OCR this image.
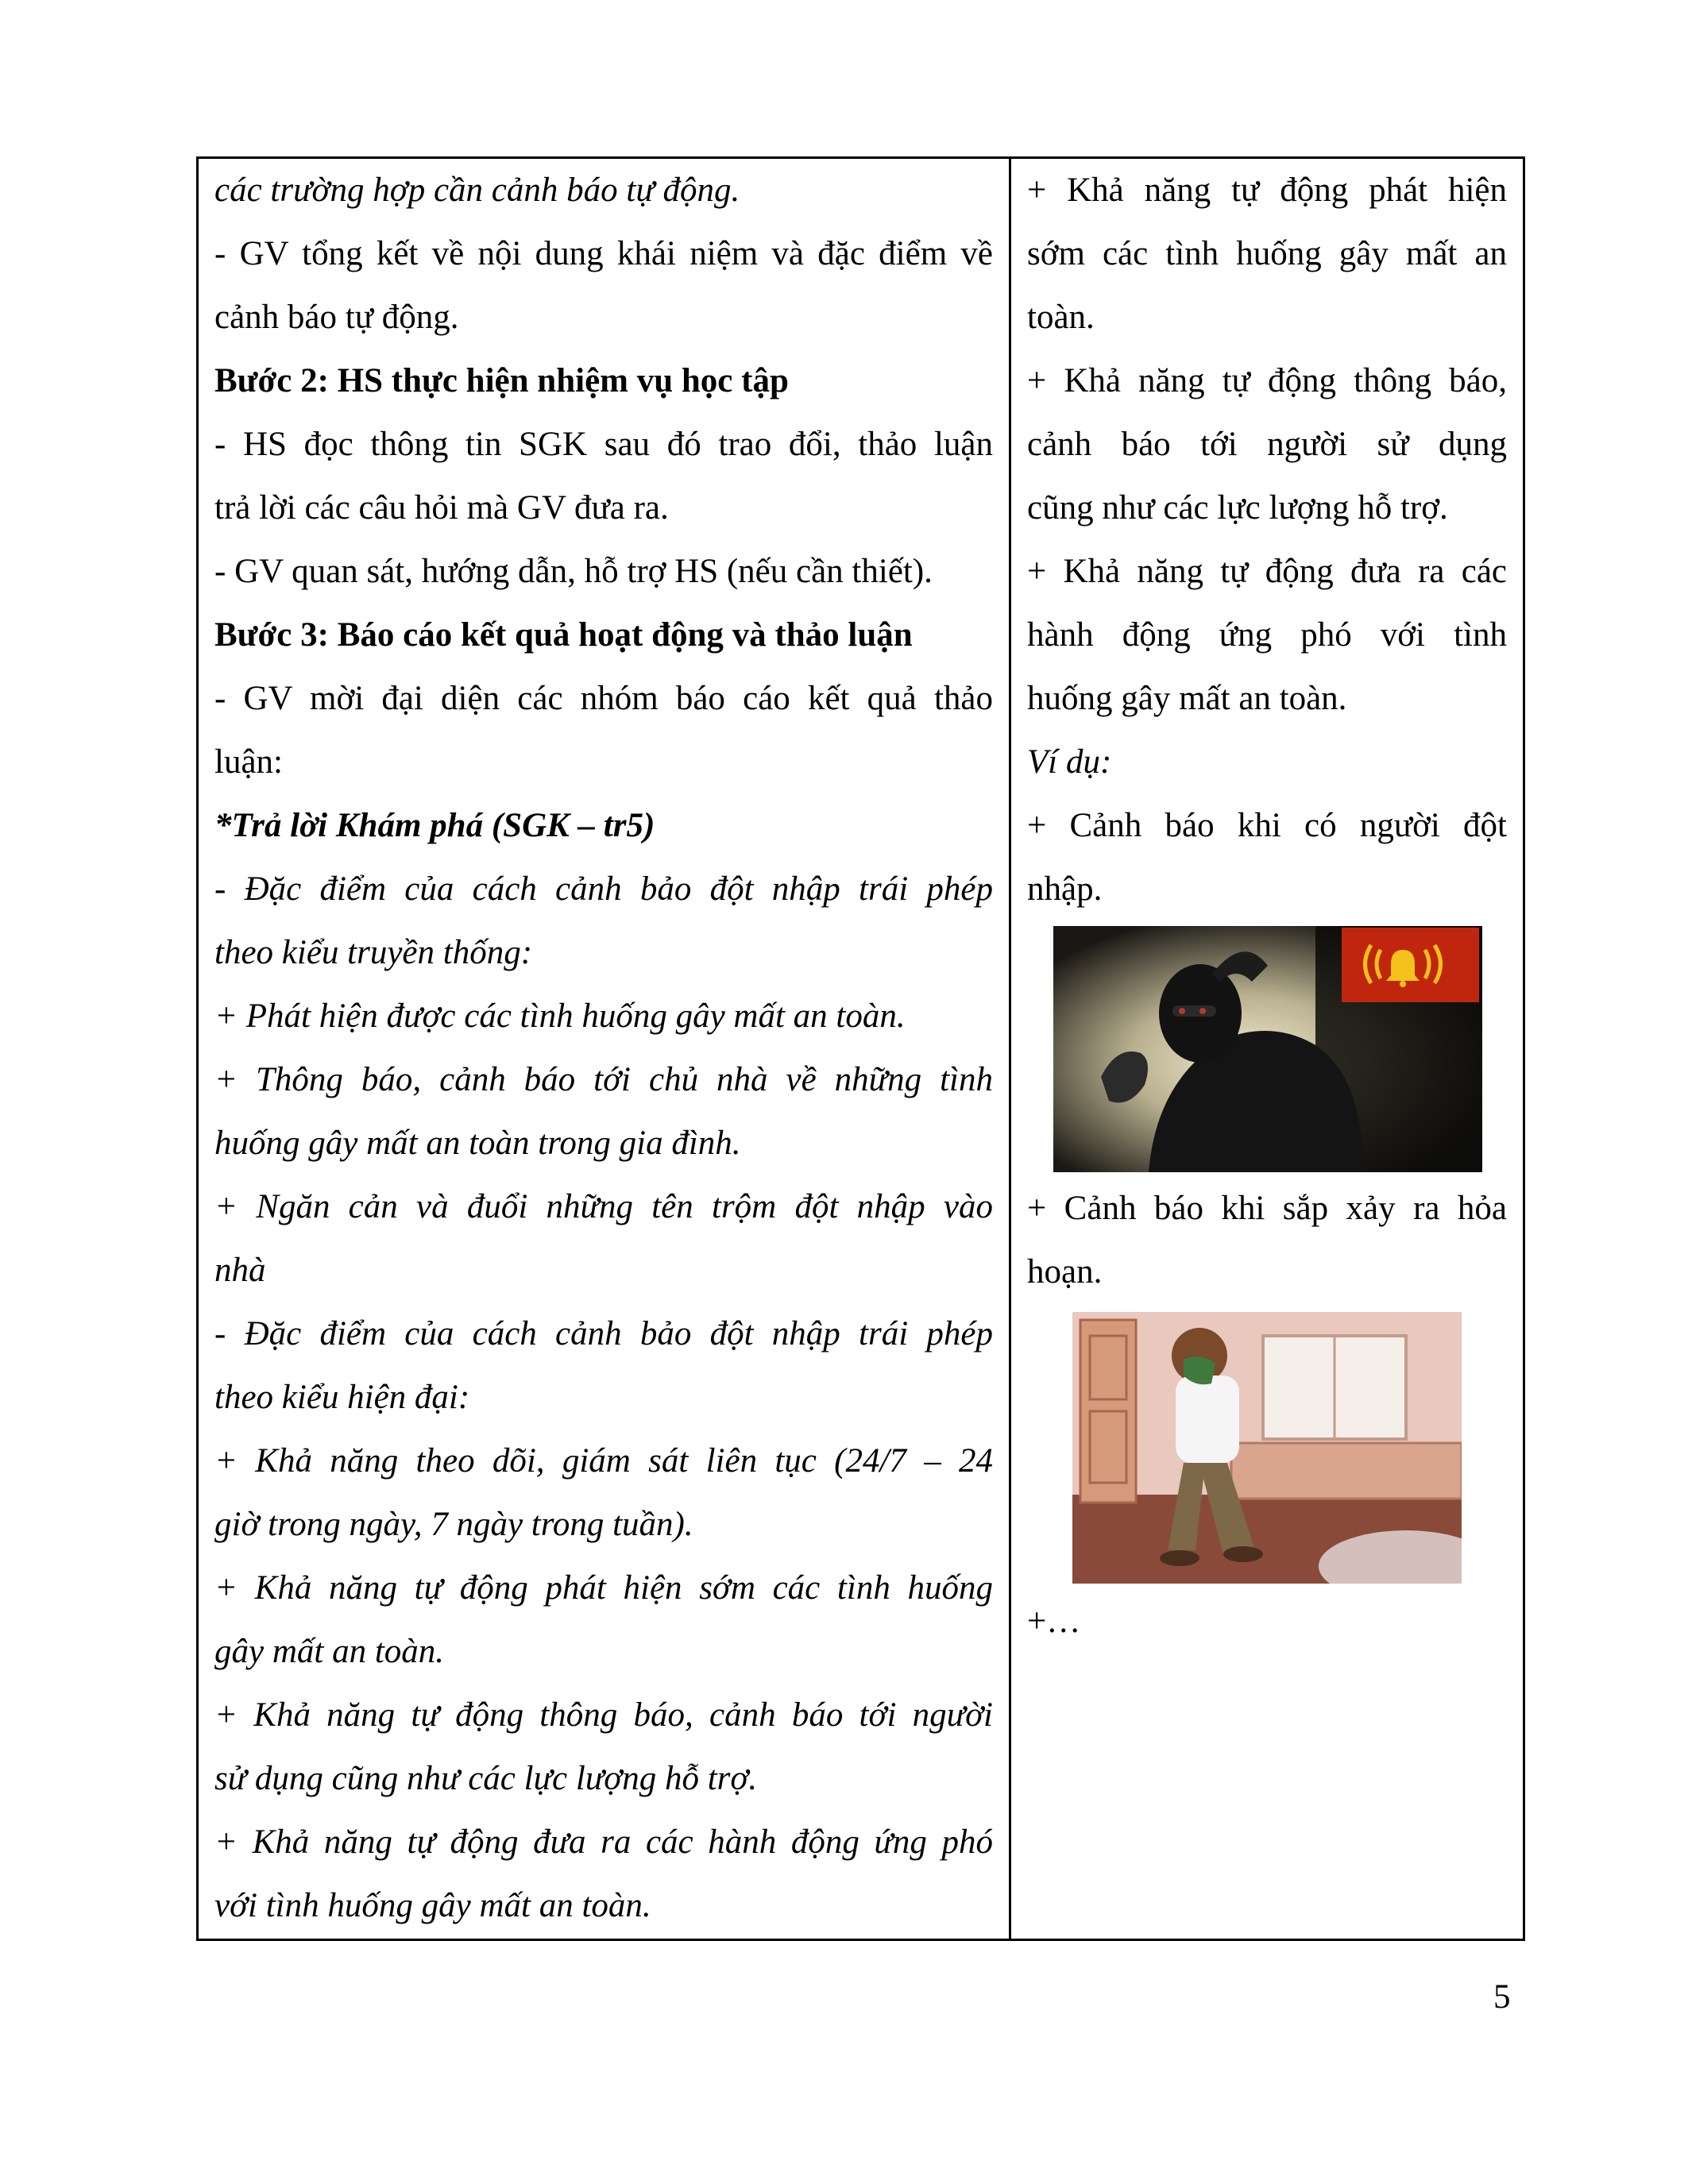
các trường hợp cần cảnh báo tự động.
- GV tổng kết về nội dung khái niệm và đặc điểm về
cảnh báo tự động.
Bước 2: HS thực hiện nhiệm vụ học tập
- HS đọc thông tin SGK sau đó trao đổi, thảo luận
trả lời các câu hỏi mà GV đưa ra.
- GV quan sát, hướng dẫn, hỗ trợ HS (nếu cần thiết).
Bước 3: Báo cáo kết quả hoạt động và thảo luận
- GV mời đại diện các nhóm báo cáo kết quả thảo
luận:
*Trả lời Khám phá (SGK – tr5)
- Đặc điểm của cách cảnh bảo đột nhập trái phép
theo kiểu truyền thống:
+ Phát hiện được các tình huống gây mất an toàn.
+ Thông báo, cảnh báo tới chủ nhà về những tình
huống gây mất an toàn trong gia đình.
+ Ngăn cản và đuổi những tên trộm đột nhập vào
nhà
- Đặc điểm của cách cảnh bảo đột nhập trái phép
theo kiểu hiện đại:
+ Khả năng theo dõi, giám sát liên tục (24/7 – 24
giờ trong ngày, 7 ngày trong tuần).
+ Khả năng tự động phát hiện sớm các tình huống
gây mất an toàn.
+ Khả năng tự động thông báo, cảnh báo tới người
sử dụng cũng như các lực lượng hỗ trợ.
+ Khả năng tự động đưa ra các hành động ứng phó
với tình huống gây mất an toàn.
+ Khả năng tự động phát hiện
sớm các tình huống gây mất an
toàn.
+ Khả năng tự động thông báo,
cảnh báo tới người sử dụng
cũng như các lực lượng hỗ trợ.
+ Khả năng tự động đưa ra các
hành động ứng phó với tình
huống gây mất an toàn.
Ví dụ:
+ Cảnh báo khi có người đột
nhập.
+ Cảnh báo khi sắp xảy ra hỏa
hoạn.
+…
5
